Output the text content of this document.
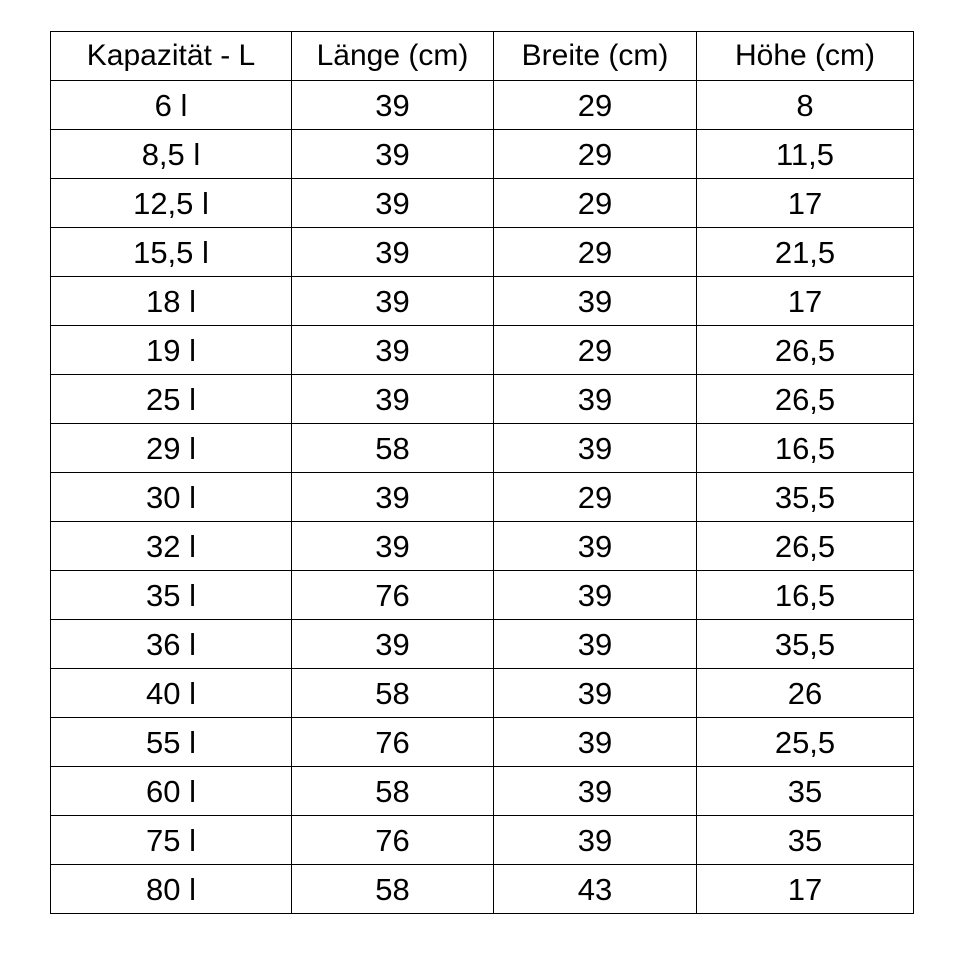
Kapazität - L	Länge (cm)	Breite (cm)	Höhe (cm)
6 l	39	29	8
8,5 l	39	29	11,5
12,5 l	39	29	17
15,5 l	39	29	21,5
18 l	39	39	17
19 l	39	29	26,5
25 l	39	39	26,5
29 l	58	39	16,5
30 l	39	29	35,5
32 l	39	39	26,5
35 l	76	39	16,5
36 l	39	39	35,5
40 l	58	39	26
55 l	76	39	25,5
60 l	58	39	35
75 l	76	39	35
80 l	58	43	17
